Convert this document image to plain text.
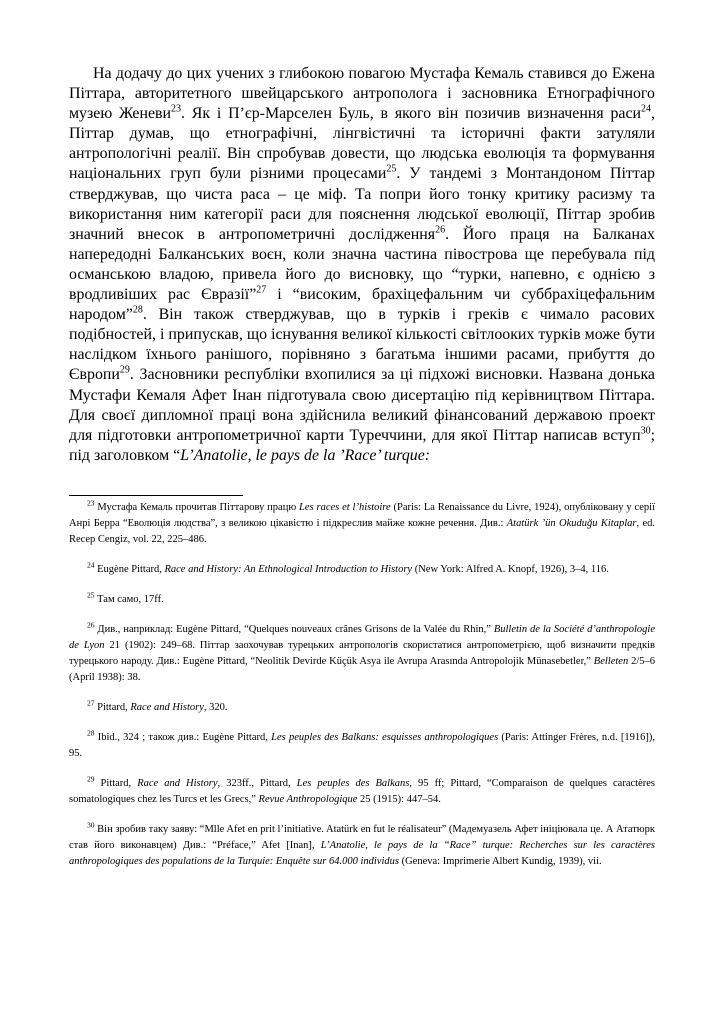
На додачу до цих учених з глибокою повагою Мустафа Кемаль ставився до Ежена Піттара, авторитетного швейцарського антрополога і засновника Етнографічного музею Женеви$^{23}$. Як і П’єр-Марселен Буль, в якого він позичив визначення раси$^{24}$, Піттар думав, що етнографічні, лінгвістичні та історичні факти затуляли антропологічні реалії. Він спробував довести, що людська еволюція та формування національних груп були різними процесами$^{25}$. У тандемі з Монтандоном Піттар стверджував, що чиста раса – це міф. Та попри його тонку критику расизму та використання ним категорії раси для пояснення людської еволюції, Піттар зробив значний внесок в антропометричні дослідження$^{26}$. Його праця на Балканах напередодні Балканських воєн, коли значна частина півострова ще перебувала під османською владою, привела його до висновку, що “турки, напевно, є однією з вродливіших рас Євразії”$^{27}$ і “високим, брахіцефальним чи суббрахіцефальним народом”$^{28}$. Він також стверджував, що в турків і греків є чимало расових подібностей, і припускав, що існування великої кількості світлооких турків може бути наслідком їхнього ранішого, порівняно з багатьма іншими расами, прибуття до Європи$^{29}$. Засновники республіки вхопилися за ці підхожі висновки. Названа донька Мустафи Кемаля Афет Інан підготувала свою дисертацію під керівництвом Піттара. Для своєї дипломної праці вона здійснила великий фінансований державою проект для підготовки антропометричної карти Туреччини, для якої Піттар написав вступ$^{30}$; під заголовком “L’Anatolie, le pays de la ’Race’ turque:

$^{23}$ Мустафа Кемаль прочитав Піттарову працю Les races et l’histoire (Paris: La Renaissance du Livre, 1924), опубліковану у серії Анрі Берра “Еволюція людства”, з великою цікавістю і підкреслив майже кожне речення. Див.: Atatürk ’ün Okuduğu Kitaplar, ed. Recep Cengiz, vol. 22, 225–486.

$^{24}$ Eugène Pittard, Race and History: An Ethnological Introduction to History (New York: Alfred A. Knopf, 1926), 3–4, 116.

$^{25}$ Там само, 17ff.

$^{26}$ Див., наприклад: Eugène Pittard, “Quelques nouveaux crânes Grisons de la Valée du Rhin,” Bulletin de la Société d’anthropologie de Lyon 21 (1902): 249–68. Піттар заохочував турецьких антропологів скористатися антропометрією, щоб визначити предків турецького народу. Див.: Eugène Pittard, “Neolitik Devirde Küçük Asya ile Avrupa Arasında Antropolojik Münasebetler,” Belleten 2/5–6 (April 1938): 38.

$^{27}$ Pittard, Race and History, 320.

$^{28}$ Ibid., 324 ; також див.: Eugène Pittard, Les peuples des Balkans: esquisses anthropologiques (Paris: Attinger Frères, n.d. [1916]), 95.

$^{29}$ Pittard, Race and History, 323ff., Pittard, Les peuples des Balkans, 95 ff; Pittard, “Comparaison de quelques caractères somatologiques chez les Turcs et les Grecs,” Revue Anthropologique 25 (1915): 447–54.

$^{30}$ Він зробив таку заяву: “Mlle Afet en prit l’initiative. Atatürk en fut le réalisateur” (Мадемуазель Афет ініціювала це. А Ататюрк став його виконавцем) Див.: “Préface,” Afet [Inan], L’Anatolie, le pays de la “Race” turque: Recherches sur les caractères anthropologiques des populations de la Turquie: Enquête sur 64.000 individus (Geneva: Imprimerie Albert Kundig, 1939), vii.
